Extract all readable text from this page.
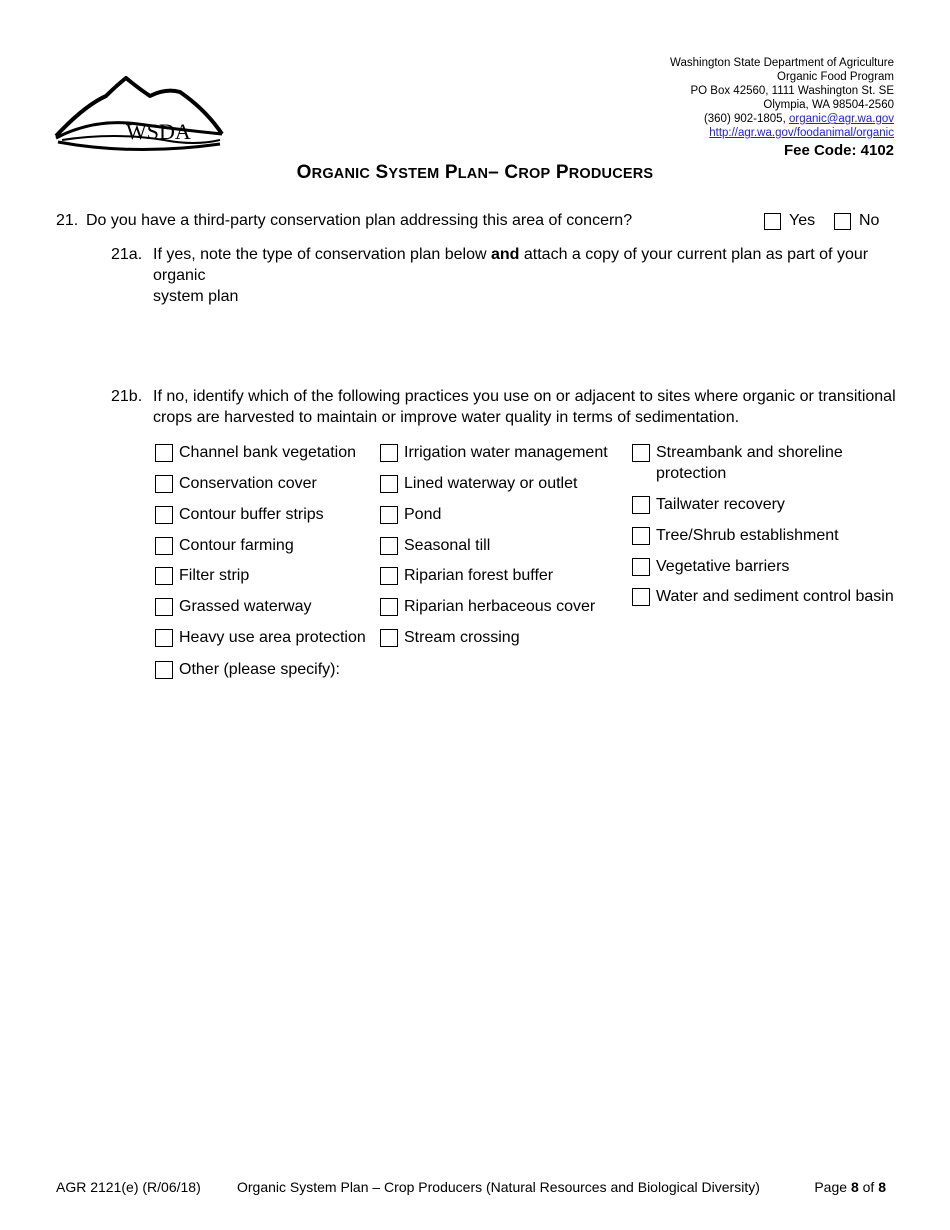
WSDA
Washington State Department of Agriculture
Organic Food Program
PO Box 42560, 1111 Washington St. SE
Olympia, WA 98504-2560
(360) 902-1805, organic@agr.wa.gov
http://agr.wa.gov/foodanimal/organic
Fee Code: 4102
ORGANIC SYSTEM PLAN– CROP PRODUCERS
21. Do you have a third-party conservation plan addressing this area of concern?	Yes	No
21a. If yes, note the type of conservation plan below and attach a copy of your current plan as part of your organic
system plan
21b. If no, identify which of the following practices you use on or adjacent to sites where organic or transitional
crops are harvested to maintain or improve water quality in terms of sedimentation.
Channel bank vegetation
Conservation cover
Contour buffer strips
Contour farming
Filter strip
Grassed waterway
Heavy use area protection
Other (please specify):
Irrigation water management
Lined waterway or outlet
Pond
Seasonal till
Riparian forest buffer
Riparian herbaceous cover
Stream crossing
Streambank and shoreline
protection
Tailwater recovery
Tree/Shrub establishment
Vegetative barriers
Water and sediment control basin
AGR 2121(e) (R/06/18)	Organic System Plan – Crop Producers (Natural Resources and Biological Diversity)	Page 8 of 8
